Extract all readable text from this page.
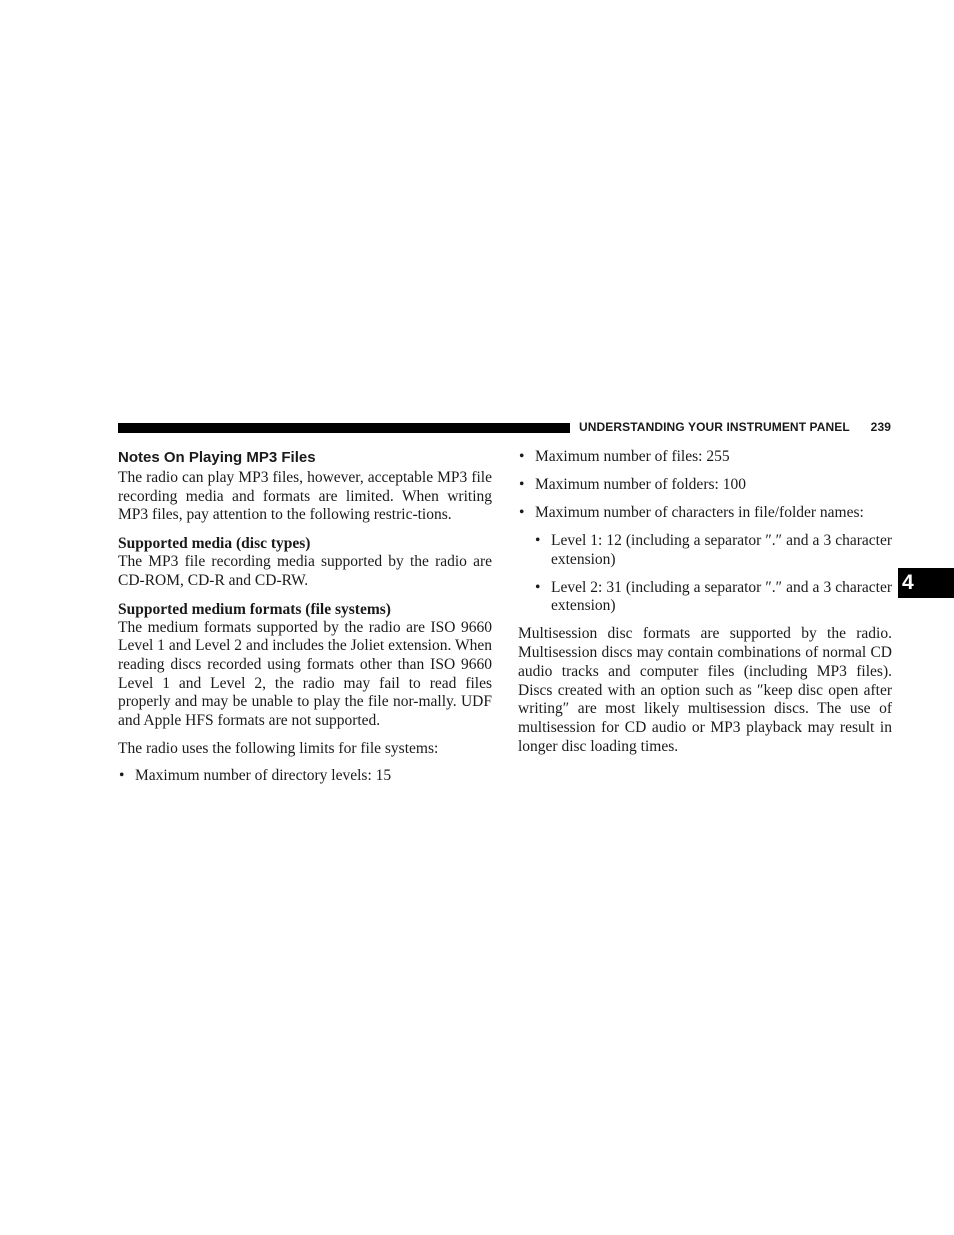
UNDERSTANDING YOUR INSTRUMENT PANEL 239
4
Notes On Playing MP3 Files

The radio can play MP3 files, however, acceptable MP3 file recording media and formats are limited. When writing MP3 files, pay attention to the following restric-tions.

Supported media (disc types)

The MP3 file recording media supported by the radio are CD-ROM, CD-R and CD-RW.

Supported medium formats (file systems)

The medium formats supported by the radio are ISO 9660 Level 1 and Level 2 and includes the Joliet extension. When reading discs recorded using formats other than ISO 9660 Level 1 and Level 2, the radio may fail to read files properly and may be unable to play the file nor-mally. UDF and Apple HFS formats are not supported.

The radio uses the following limits for file systems:

• Maximum number of directory levels: 15
• Maximum number of files: 255
• Maximum number of folders: 100
• Maximum number of characters in file/folder names:
• Level 1: 12 (including a separator ″.″ and a 3 character extension)
• Level 2: 31 (including a separator ″.″ and a 3 character extension)

Multisession disc formats are supported by the radio. Multisession discs may contain combinations of normal CD audio tracks and computer files (including MP3 files). Discs created with an option such as ″keep disc open after writing″ are most likely multisession discs. The use of multisession for CD audio or MP3 playback may result in longer disc loading times.
